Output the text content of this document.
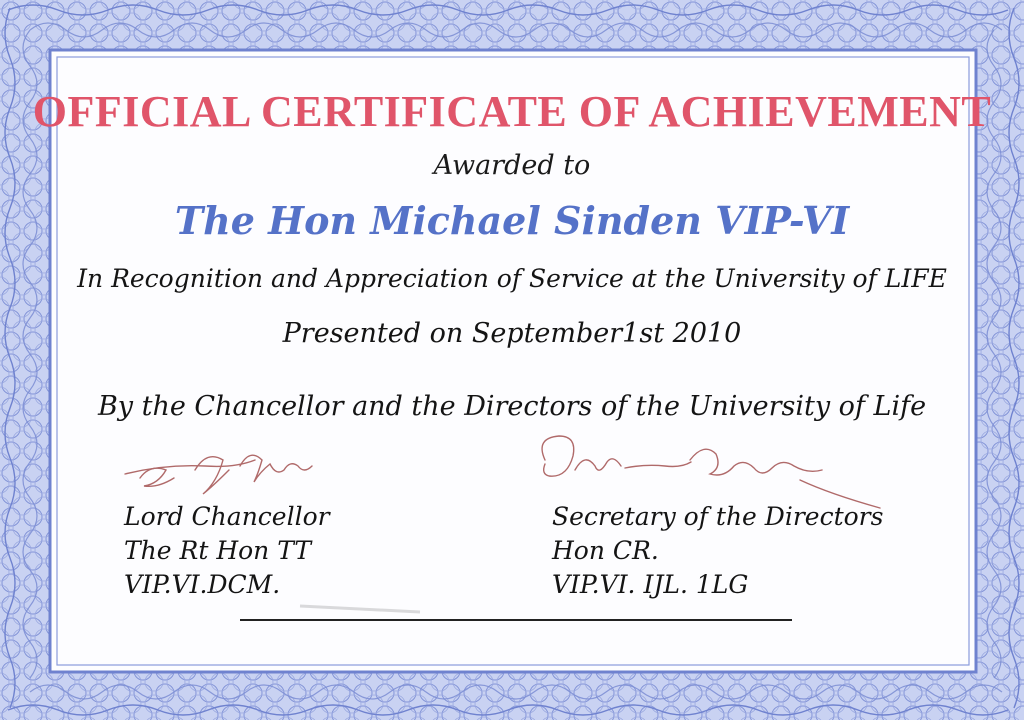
OFFICIAL CERTIFICATE OF ACHIEVEMENT
Awarded to
The Hon Michael Sinden VIP-VI
In Recognition and Appreciation of Service at the University of LIFE
Presented on September1st 2010
By the Chancellor and the Directors of the University of Life
Lord Chancellor
The Rt Hon TT
VIP.VI.DCM.
Secretary of the Directors
Hon CR.
VIP.VI. IJL. 1LG
